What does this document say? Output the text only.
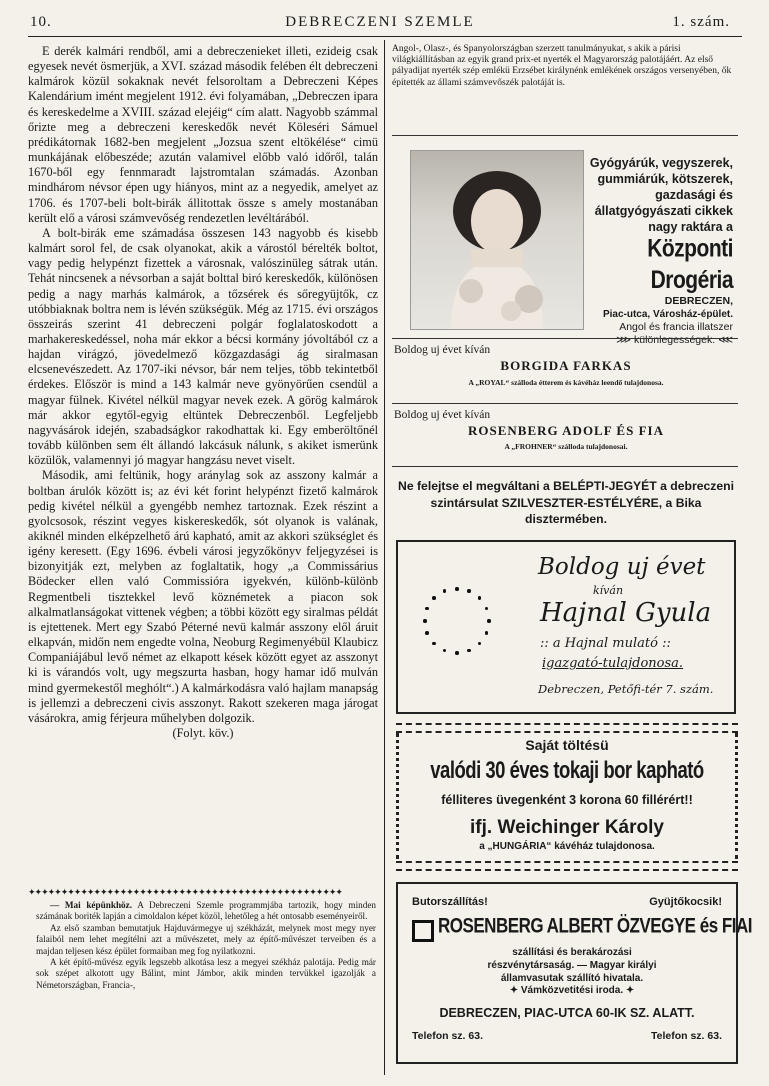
10.	DEBRECZENI SZEMLE	1. szám.

E derék kalmári rendből, ami a debreczenieket illeti, ezideig csak egyesek nevét ösmerjük, a XVI. század második felében élt debreczeni kalmárok közül sokaknak nevét felsoroltam a Debreczeni Képes Kalendárium imént megjelent 1912. évi folyamában, „Debreczen ipara és kereskedelme a XVIII. század elejéig“ cím alatt. Nagyobb számmal őrizte meg a debreczeni kereskedők nevét Köleséri Sámuel prédikátornak 1682-ben megjelent „Jozsua szent eltökélése“ cimü munkájának előbeszéde; azután valamivel előbb való időről, talán 1670-ből egy fennmaradt lajstromtalan számadás. Azonban mindhárom névsor épen ugy hiányos, mint az a negyedik, amelyet az 1706. és 1707-beli bolt-birák állitottak össze s amely mostanában került elő a városi számvevőség rendezetlen levéltárából.

A bolt-birák eme számadása összesen 143 nagyobb és kisebb kalmárt sorol fel, de csak olyanokat, akik a várostól bérelték boltot, vagy pedig helypénzt fizettek a városnak, valószinüleg sátrak után. Tehát nincsenek a névsorban a saját bolttal biró kereskedők, különösen pedig a nagy marhás kalmárok, a tőzsérek és sőregyüjtők, cz utóbbiaknak boltra nem is lévén szükségük. Még az 1715. évi országos összeirás szerint 41 debreczeni polgár foglalatoskodott a marhakereskedéssel, noha már ekkor a bécsi kormány jóvoltából cz a hajdan virágzó, jövedelmező közgazdasági ág siralmasan elcsenevészedett. Az 1707-iki névsor, bár nem teljes, több tekintetből érdekes. Először is mind a 143 kalmár neve gyönyörűen csendül a magyar fülnek. Kivétel nélkül magyar nevek ezek. A görög kalmárok már akkor egytől-egyig eltüntek Debreczenből. Legfeljebb nagyvásárok idején, szabadságkor rakodhattak ki. Egy emberöltőnél tovább különben sem élt állandó lakcásuk nálunk, s akiket ismerünk közülök, valamennyi jó magyar hangzásu nevet viselt.

Második, ami feltünik, hogy aránylag sok az asszony kalmár a boltban árulók között is; az évi két forint helypénzt fizető kalmárok pedig kivétel nélkül a gyengébb nemhez tartoznak. Ezek részint a gyolcsosok, részint vegyes kiskereskedők, sót olyanok is valának, akiknél minden elképzelhető árú kapható, amit az akkori szükséglet és igény keresett. (Egy 1696. évbeli városi jegyzőkönyv feljegyzései is bizonyitják ezt, melyben az foglaltatik, hogy „a Commissárius Bödecker ellen való Commissióra igyekvén, különb-különb Regmentbeli tisztekkel levő köznémetek a piacon sok alkalmatlanságokat vittenek végben; a többi között egy siralmas példát is ejtettenek. Mert egy Szabó Péterné nevü kalmár asszony elől áruit elkapván, midőn nem engedte volna, Neoburg Regimenyébül Klaubicz Companiájábul levő német az elkapott kések között egyet az asszonyt ki is várandós volt, ugy megszurta hasban, hogy hamar idő mulván mind gyermekestől meghólt“.) A kalmárkodásra való hajlam manapság is jellemzi a debreczeni civis asszonyt. Rakott szekeren maga járogat vásárokra, amig férjeura műhelyben dolgozik.

(Folyt. köv.)

✦✦✦✦✦✦✦✦✦✦✦✦✦✦✦✦✦✦✦✦✦✦✦✦✦✦✦✦✦✦✦✦✦✦✦✦✦✦✦✦✦✦✦✦✦✦✦✦

— Mai képünkhöz. A Debreczeni Szemle programmjába tartozik, hogy minden számának boriték lapján a cimoldalon képet közöl, lehetőleg a hét ontosabb eseményeiről.

Az első szamban bemutatjuk Hajduvármegye uj székházát, melynek most megy nyer falaiból nem lehet megítélni azt a művészetet, mely az építő-művészet terveiben és a majdan teljesen kész épület formaiban meg fog nyilatkozni.

A két építő-művész egyik legszebb alkotása lesz a megyei székház palotája. Pedig már sok szépet alkotott ugy Bálint, mint Jámbor, akik minden tervükkel igazolják a Németországban, Francia-,

Angol-, Olasz-, és Spanyolországban szerzett tanulmányukat, s akik a párisi világkiállításban az egyik grand prix-et nyerték el Magyarország palotájáért. Az első pályadijat nyerték szép emlékü Erzsébet királynénk emlékének országos versenyében, ők építették az állami számvevőszék palotáját is.
Gyógyárúk, vegyszerek, gummiárúk, kötszerek, gazdasági és állatgyógyászati cikkek nagy raktára a
Központi Drogéria
DEBRECZEN,
Piac-utca, Városház-épület.
Angol és francia illatszer
⋙ különlegességek. ⋘
Boldog uj évet kíván
BORGIDA FARKAS
A „ROYAL“ szálloda étterem és kávéház leendő tulajdonosa.
Boldog uj évet kíván
ROSENBERG ADOLF ÉS FIA
A „FROHNER“ szálloda tulajdonosai.
Ne felejtse el megváltani a BELÉPTI-JEGYÉT a debreczeni szintársulat SZILVESZTER-ESTÉLYÉRE, a Bika disztermében.
Boldog uj évet
kíván
Hajnal Gyula
:: a Hajnal mulató ::
igazgató-tulajdonosa.
Debreczen, Petőfi-tér 7. szám.
Saját töltésü
valódi 30 éves tokaji bor kapható
félliteres üvegenként 3 korona 60 fillérért!!
ifj. Weichinger Károly
a „HUNGÁRIA“ kávéház tulajdonosa.
Butorszállítás!	Gyüjtőkocsik!
ROSENBERG ALBERT ÖZVEGYE és FIAI
szállítási és berakározási részvénytársaság. — Magyar királyi államvasutak szállító hivatala.
✦ Vámközvetitési iroda. ✦
DEBRECZEN, PIAC-UTCA 60-IK SZ. ALATT.
Telefon sz. 63.	Telefon sz. 63.
